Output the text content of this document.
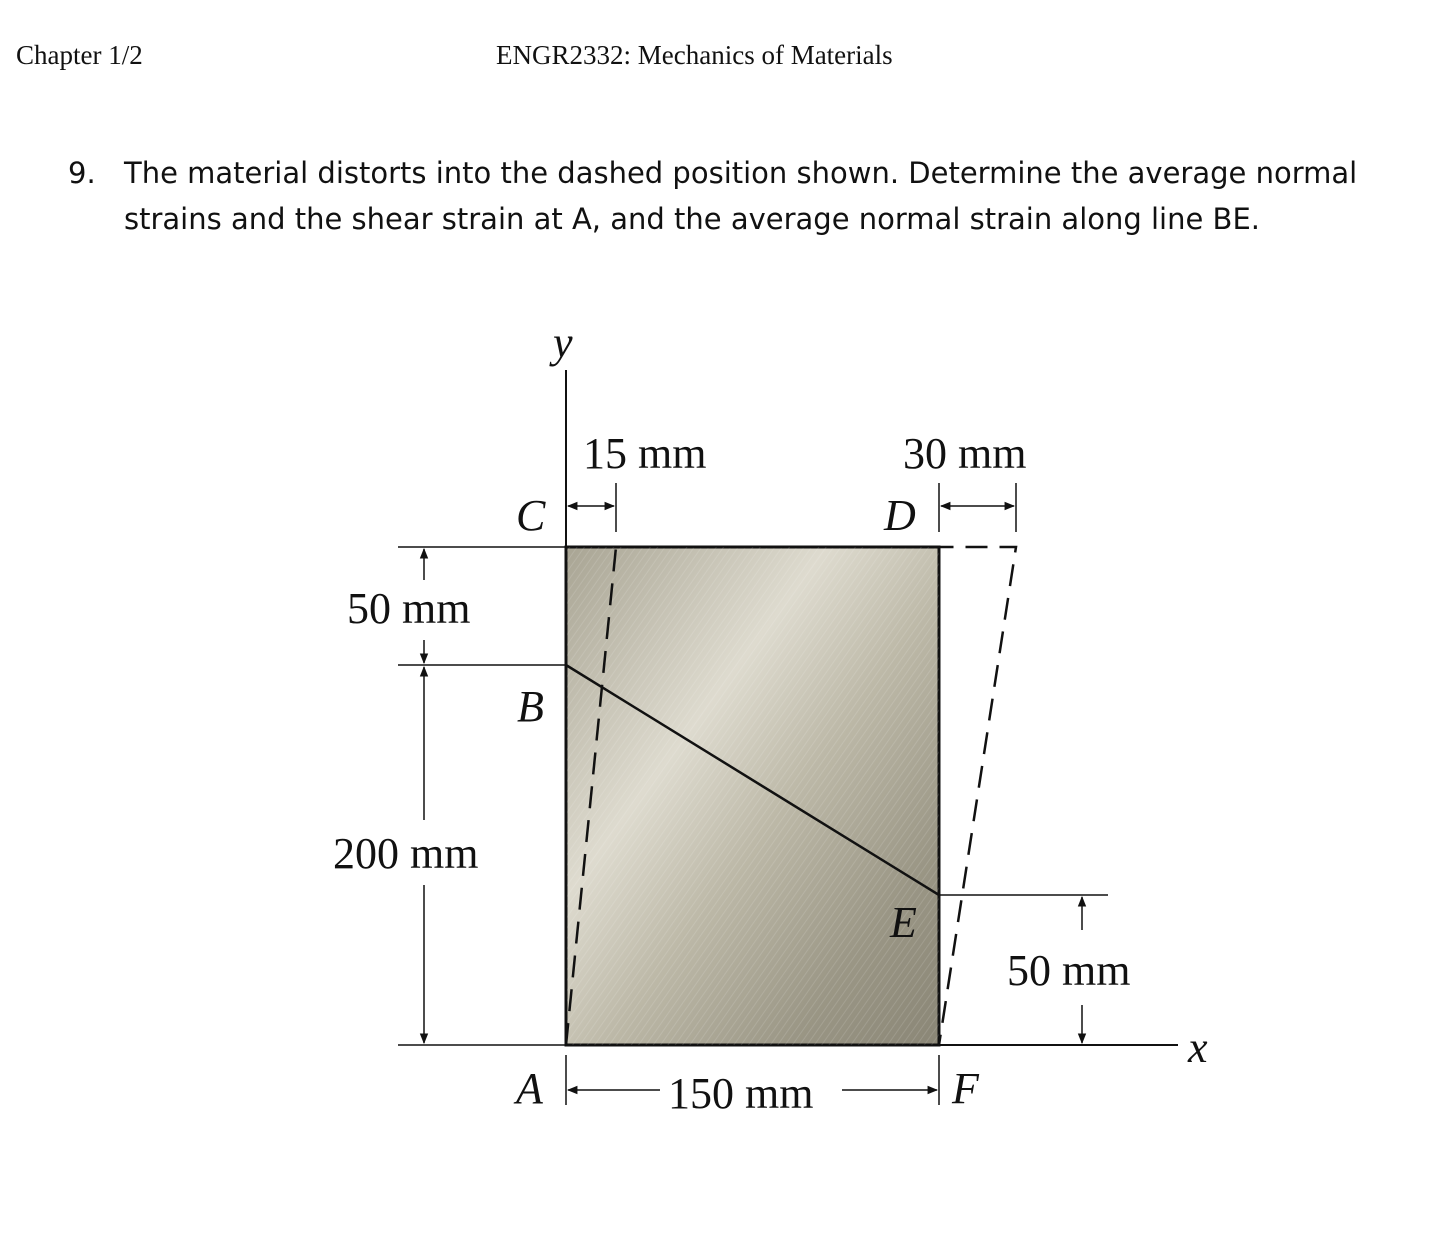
Chapter 1/2	ENGR2332: Mechanics of Materials
9. The material distorts into the dashed position shown. Determine the average normal strains and the shear strain at A, and the average normal strain along line BE.
y
x
15 mm	30 mm
C	D
50 mm
B
200 mm
E
50 mm
A	150 mm	F
